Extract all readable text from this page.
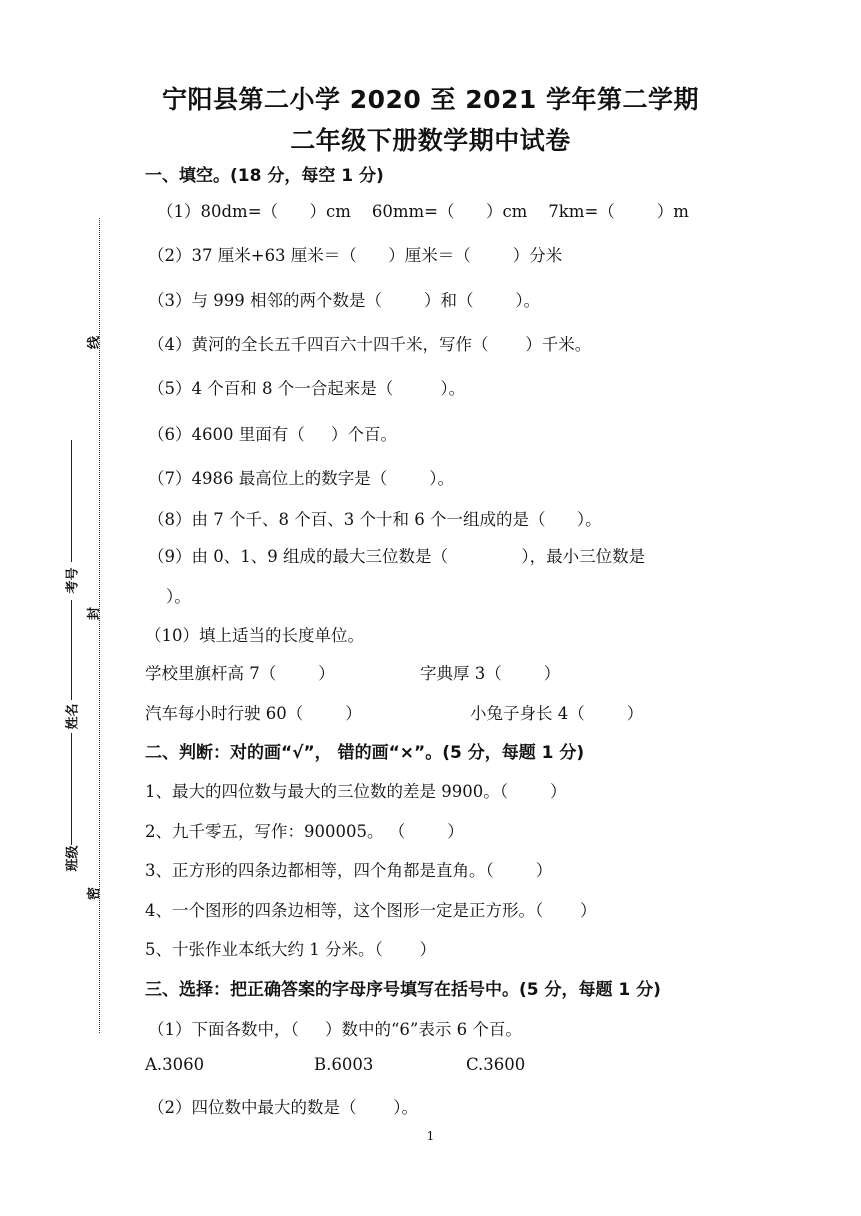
线
封
密
考号
姓名
班级
宁阳县第二小学 2020 至 2021 学年第二学期
二年级下册数学期中试卷
一、填空。(18 分，每空 1 分)
（1）80dm=（      ）cm    60mm=（      ）cm    7km=（        ）m
（2）37 厘米+63 厘米＝（      ）厘米＝（        ）分米
（3）与 999 相邻的两个数是（        ）和（        ）。
（4）黄河的全长五千四百六十四千米，写作（       ）千米。
（5）4 个百和 8 个一合起来是（         ）。
（6）4600 里面有（     ）个百。
（7）4986 最高位上的数字是（        ）。
（8）由 7 个千、8 个百、3 个十和 6 个一组成的是（      ）。
（9）由 0、1、9 组成的最大三位数是（              ），最小三位数是
）。
（10）填上适当的长度单位。
学校里旗杆高 7（        ）	字典厚 3（        ）
汽车每小时行驶 60（        ）	小兔子身长 4（        ）
二、判断：对的画“√”， 错的画“×”。(5 分，每题 1 分)
1、最大的四位数与最大的三位数的差是 9900。（        ）
2、九千零五，写作：900005。 （        ）
3、正方形的四条边都相等，四个角都是直角。（        ）
4、一个图形的四条边相等，这个图形一定是正方形。（       ）
5、十张作业本纸大约 1 分米。（       ）
三、选择：把正确答案的字母序号填写在括号中。(5 分，每题 1 分)
（1）下面各数中，（     ）数中的“6”表示 6 个百。
A.3060	B.6003	C.3600
（2）四位数中最大的数是（       ）。
1
